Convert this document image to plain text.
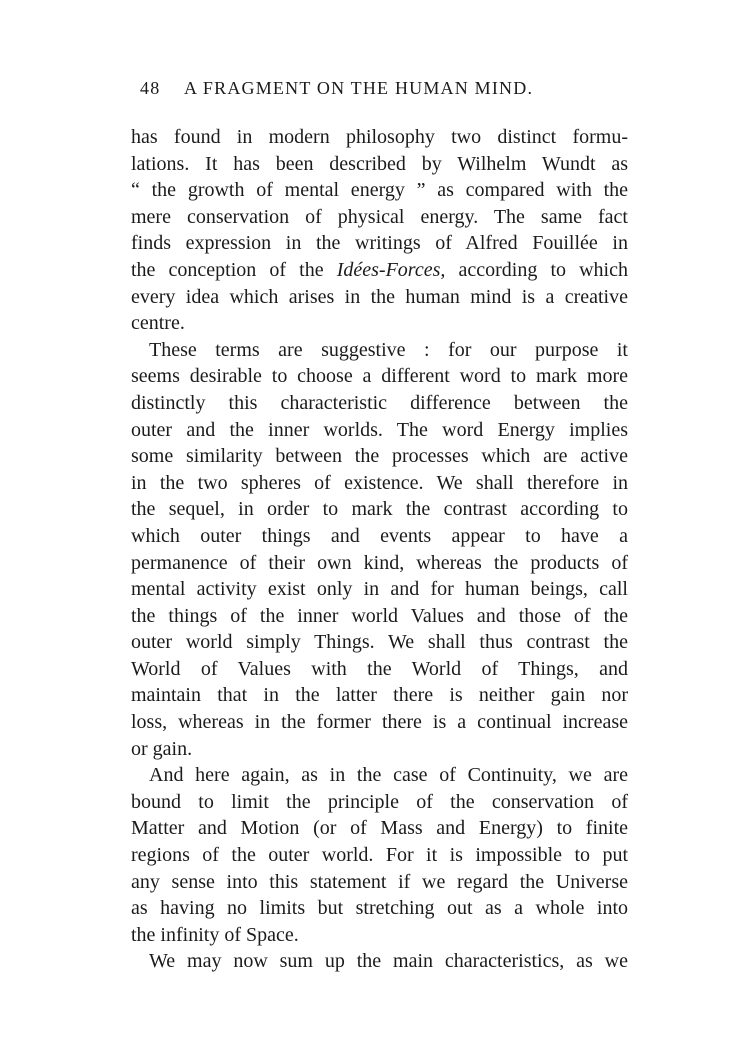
48 A FRAGMENT ON THE HUMAN MIND.
has found in modern philosophy two distinct formu-
lations. It has been described by Wilhelm Wundt as
“ the growth of mental energy ” as compared with the
mere conservation of physical energy. The same fact
finds expression in the writings of Alfred Fouillée in
the conception of the Idées-Forces, according to which
every idea which arises in the human mind is a creative
centre.
These terms are suggestive : for our purpose it
seems desirable to choose a different word to mark more
distinctly this characteristic difference between the
outer and the inner worlds. The word Energy implies
some similarity between the processes which are active
in the two spheres of existence. We shall therefore in
the sequel, in order to mark the contrast according to
which outer things and events appear to have a
permanence of their own kind, whereas the products of
mental activity exist only in and for human beings, call
the things of the inner world Values and those of the
outer world simply Things. We shall thus contrast the
World of Values with the World of Things, and
maintain that in the latter there is neither gain nor
loss, whereas in the former there is a continual increase
or gain.
And here again, as in the case of Continuity, we are
bound to limit the principle of the conservation of
Matter and Motion (or of Mass and Energy) to finite
regions of the outer world. For it is impossible to put
any sense into this statement if we regard the Universe
as having no limits but stretching out as a whole into
the infinity of Space.
We may now sum up the main characteristics, as we
